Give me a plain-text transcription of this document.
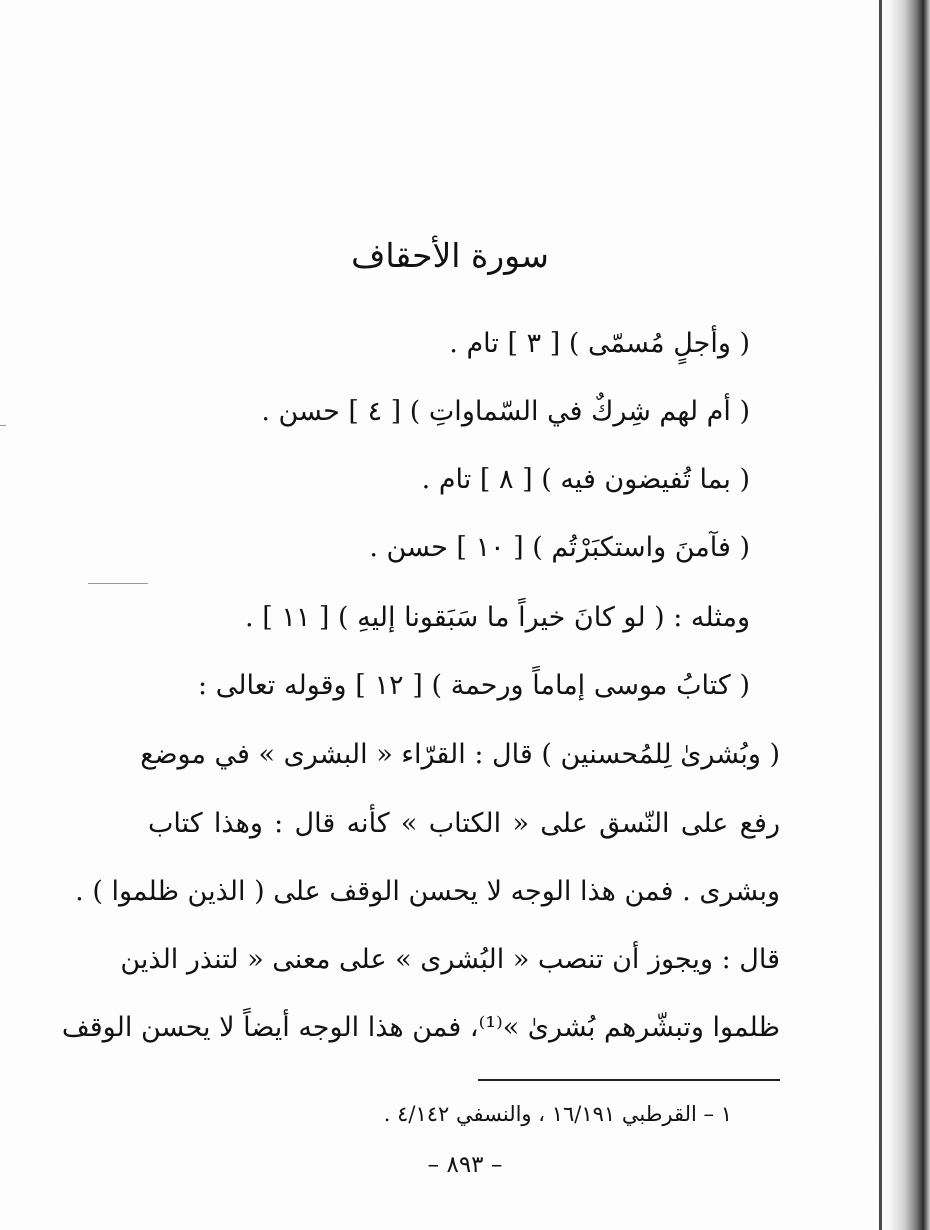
سورة الأحقاف
( وأجلٍ مُسمّى ) [ ٣ ] تام .
( أم لهم شِركٌ في السّماواتِ ) [ ٤ ] حسن .
( بما تُفيضون فيه ) [ ٨ ] تام .
( فآمنَ واستكبَرْتُم ) [ ١٠ ] حسن .
ومثله : ( لو كانَ خيراً ما سَبَقونا إليهِ ) [ ١١ ] .
( كتابُ موسى إماماً ورحمة ) [ ١٢ ] وقوله تعالى :
( وبُشرىٰ لِلمُحسنين ) قال : القرّاء « البشرى » في موضع
رفع على النّسق على « الكتاب » كأنه قال : وهذا كتاب
وبشرى . فمن هذا الوجه لا يحسن الوقف على ( الذين ظلموا ) .
قال : ويجوز أن تنصب « البُشرى » على معنى « لتنذر الذين
ظلموا وتبشّرهم بُشرىٰ »⁽¹⁾، فمن هذا الوجه أيضاً لا يحسن الوقف
١ – القرطبي ١٦/١٩١ ، والنسفي ٤/١٤٢ .
– ٨٩٣ –
